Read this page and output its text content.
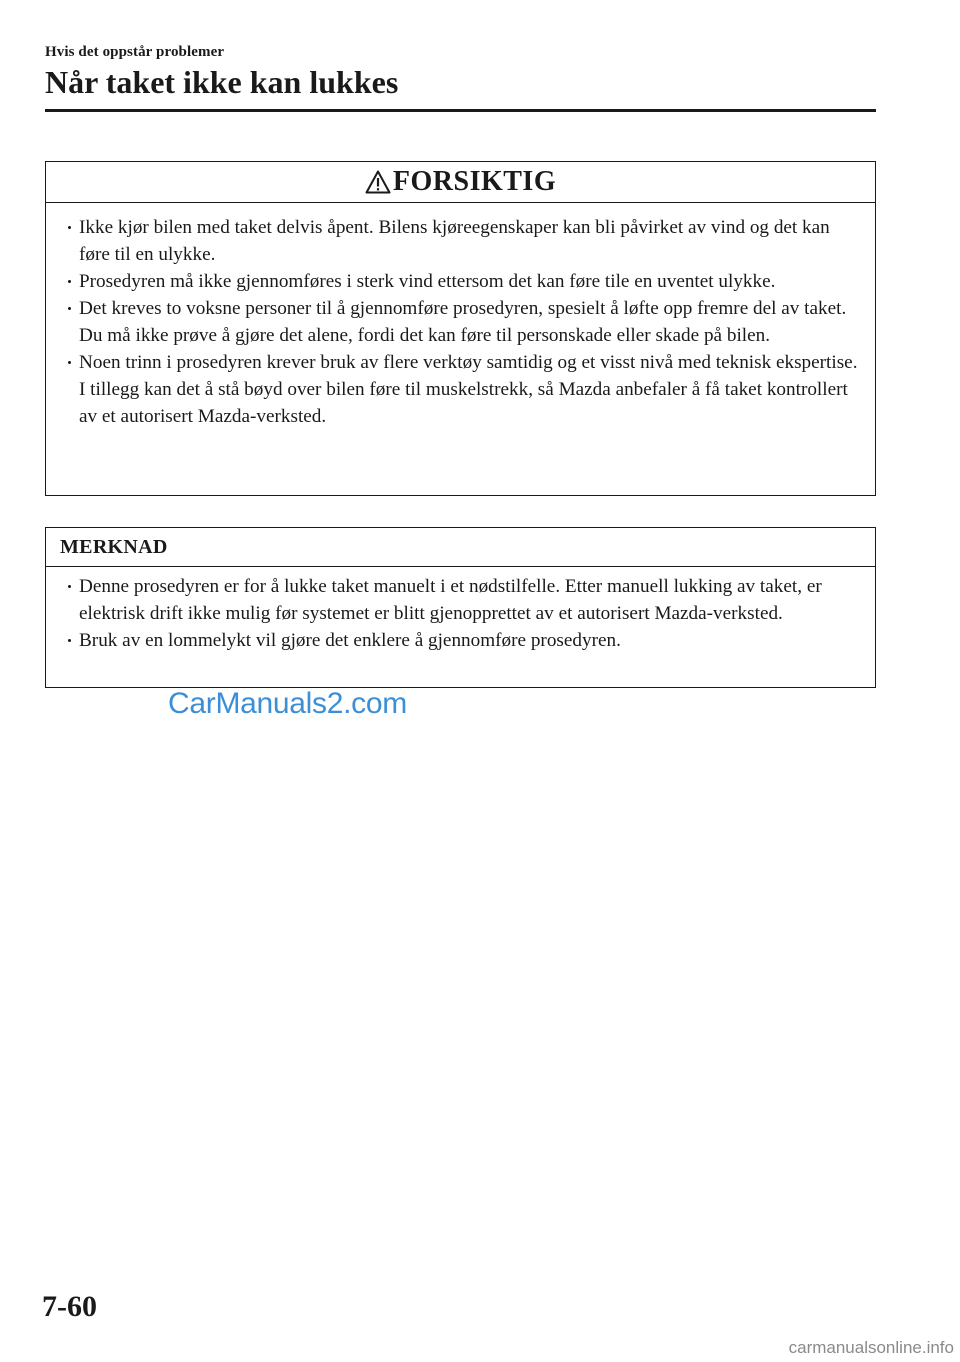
Hvis det oppstår problemer
Når taket ikke kan lukkes
FORSIKTIG
Ikke kjør bilen med taket delvis åpent. Bilens kjøreegenskaper kan bli påvirket av vind og det kan føre til en ulykke.
Prosedyren må ikke gjennomføres i sterk vind ettersom det kan føre tile en uventet ulykke.
Det kreves to voksne personer til å gjennomføre prosedyren, spesielt å løfte opp fremre del av taket. Du må ikke prøve å gjøre det alene, fordi det kan føre til personskade eller skade på bilen.
Noen trinn i prosedyren krever bruk av flere verktøy samtidig og et visst nivå med teknisk ekspertise. I tillegg kan det å stå bøyd over bilen føre til muskelstrekk, så Mazda anbefaler å få taket kontrollert av et autorisert Mazda-verksted.
MERKNAD
Denne prosedyren er for å lukke taket manuelt i et nødstilfelle. Etter manuell lukking av taket, er elektrisk drift ikke mulig før systemet er blitt gjenopprettet av et autorisert Mazda-verksted.
Bruk av en lommelykt vil gjøre det enklere å gjennomføre prosedyren.
CarManuals2.com
7-60
carmanualsonline.info
